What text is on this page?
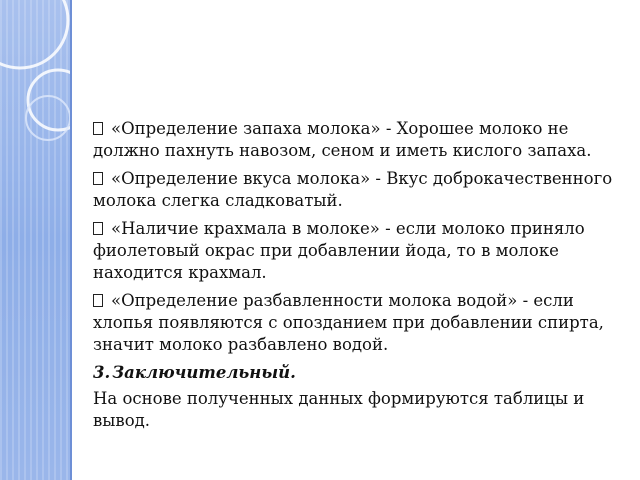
«Определение запаха молока» - Хорошее молоко не должно пахнуть навозом, сеном и иметь кислого запаха.

«Определение вкуса молока» - Вкус доброкачественного молока слегка сладковатый.

«Наличие крахмала в молоке» - если молоко приняло фиолетовый окрас при добавлении йода, то в молоке находится крахмал.

«Определение разбавленности молока водой» - если хлопья появляются с опозданием при добавлении спирта, значит молоко разбавлено водой.

3. Заключительный.

На основе полученных данных формируются таблицы и вывод.
